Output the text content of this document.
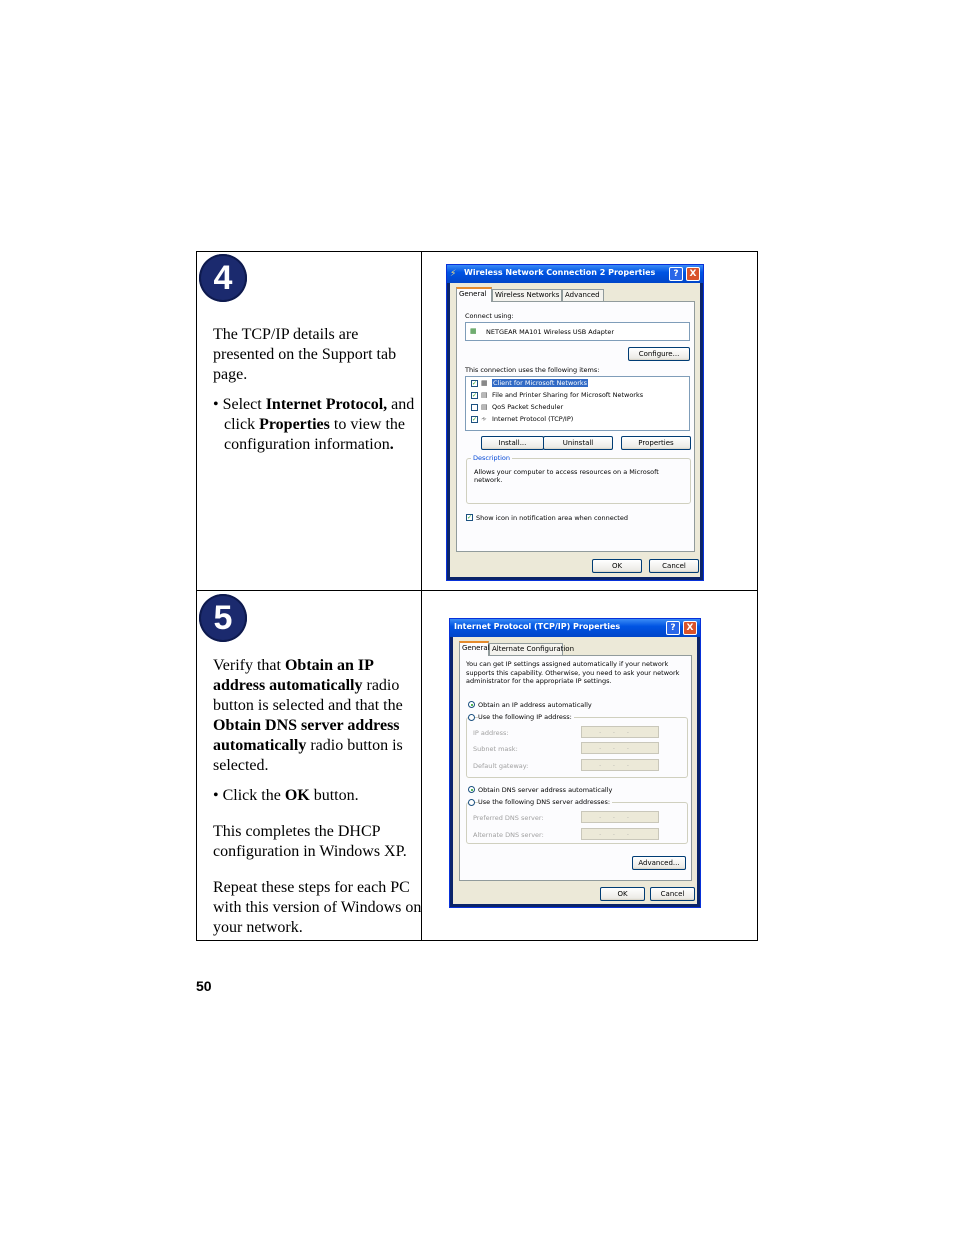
4

The TCP/IP details are presented on the Support tab page.

• Select Internet Protocol, and click Properties to view the configuration information.

⚡ Wireless Network Connection 2 Properties	?	X
General	Wireless Networks Advanced
Connect using:
▦ NETGEAR MA101 Wireless USB Adapter
Configure...
This connection uses the following items:
✓ ▦ Client for Microsoft Networks
✓ ▤ File and Printer Sharing for Microsoft Networks
▤ QoS Packet Scheduler
✓ ∻ Internet Protocol (TCP/IP)
Install...	Uninstall	Properties
Description
Allows your computer to access resources on a Microsoft network.
✓ Show icon in notification area when connected
OK	Cancel
5

Verify that Obtain an IP address automatically radio button is selected and that the Obtain DNS server address automatically radio button is selected.

• Click the OK button.

This completes the DHCP configuration in Windows XP.

Repeat these steps for each PC with this version of Windows on your network.

Internet Protocol (TCP/IP) Properties	?	X
General Alternate Configuration
You can get IP settings assigned automatically if your network supports this capability. Otherwise, you need to ask your network administrator for the appropriate IP settings.
Obtain an IP address automatically
Use the following IP address:
IP address:	...
Subnet mask:	...
Default gateway:	...
Obtain DNS server address automatically
Use the following DNS server addresses:
Preferred DNS server:	...
Alternate DNS server:	...
Advanced...
OK	Cancel
50
